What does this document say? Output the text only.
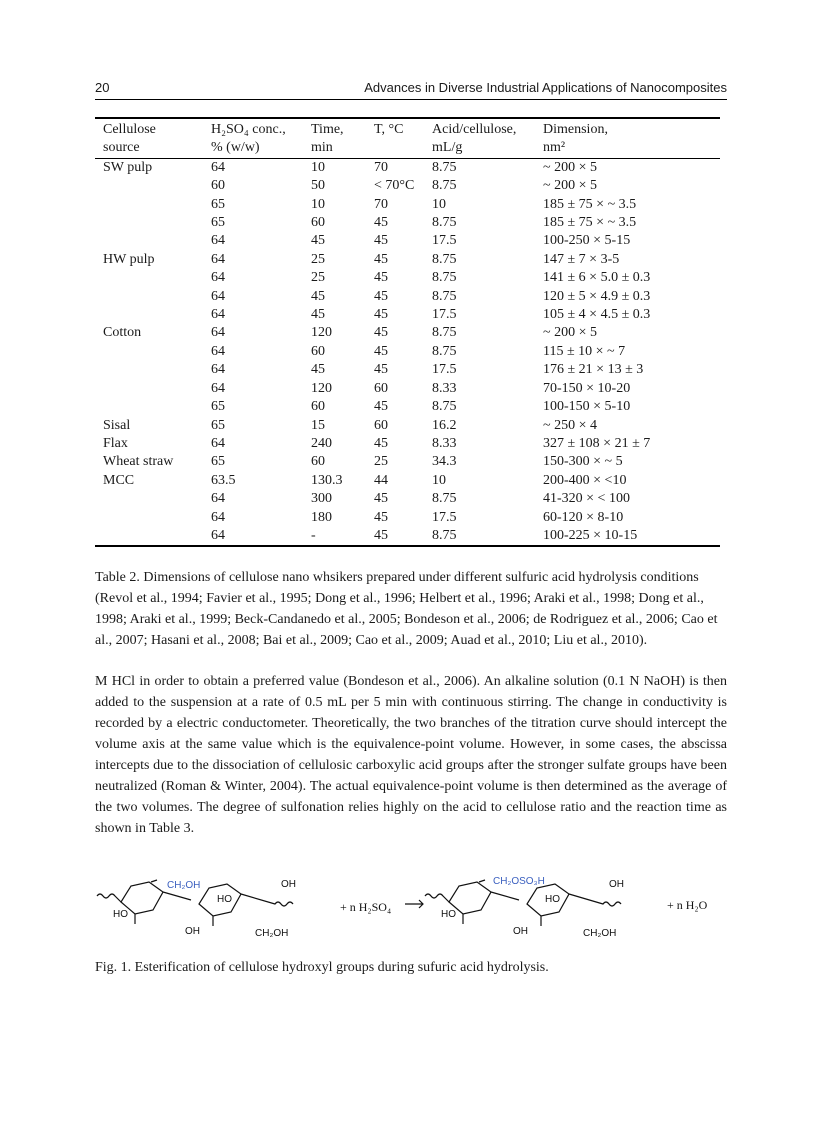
20	Advances in Diverse Industrial Applications of Nanocomposites
Cellulose	H₂SO₄ conc.,	Time,	T, °C	Acid/cellulose,	Dimension,
source	% (w/w)	min		mL/g	nm²
SW pulp	64	10	70	8.75	~ 200 × 5
	60	50	< 70°C	8.75	~ 200 × 5
	65	10	70	10	185 ± 75 × ~ 3.5
	65	60	45	8.75	185 ± 75 × ~ 3.5
	64	45	45	17.5	100-250 × 5-15
HW pulp	64	25	45	8.75	147 ± 7 × 3-5
	64	25	45	8.75	141 ± 6 × 5.0 ± 0.3
	64	45	45	8.75	120 ± 5 × 4.9 ± 0.3
	64	45	45	17.5	105 ± 4 × 4.5 ± 0.3
Cotton	64	120	45	8.75	~ 200 × 5
	64	60	45	8.75	115 ± 10 × ~ 7
	64	45	45	17.5	176 ± 21 × 13 ± 3
	64	120	60	8.33	70-150 × 10-20
	65	60	45	8.75	100-150 × 5-10
Sisal	65	15	60	16.2	~ 250 × 4
Flax	64	240	45	8.33	327 ± 108 × 21 ± 7
Wheat straw	65	60	25	34.3	150-300 × ~ 5
MCC	63.5	130.3	44	10	200-400 × <10
	64	300	45	8.75	41-320 × < 100
	64	180	45	17.5	60-120 × 8-10
	64	-	45	8.75	100-225 × 10-15
Table 2. Dimensions of cellulose nano whsikers prepared under different sulfuric acid hydrolysis conditions (Revol et al., 1994; Favier et al., 1995; Dong et al., 1996; Helbert et al., 1996; Araki et al., 1998; Dong et al., 1998; Araki et al., 1999; Beck-Candanedo et al., 2005; Bondeson et al., 2006; de Rodriguez et al., 2006; Cao et al., 2007; Hasani et al., 2008; Bai et al., 2009; Cao et al., 2009; Auad et al., 2010; Liu et al., 2010).
M HCl in order to obtain a preferred value (Bondeson et al., 2006). An alkaline solution (0.1 N NaOH) is then added to the suspension at a rate of 0.5 mL per 5 min with continuous stirring. The change in conductivity is recorded by a electric conductometer. Theoretically, the two branches of the titration curve should intercept the volume axis at the same value which is the equivalence-point volume. However, in some cases, the abscissa intercepts due to the dissociation of cellulosic carboxylic acid groups after the stronger sulfate groups have been neutralized (Roman & Winter, 2004). The actual equivalence-point volume is then determined as the average of the two volumes. The degree of sulfonation relies highly on the acid to cellulose ratio and the reaction time as shown in Table 3.
CH₂OH
HO
OH
HO
OH
CH₂OH
+ n H₂SO₄
CH₂OSO₃H
HO
OH
HO
OH
CH₂OH
+ n H₂O
Fig. 1. Esterification of cellulose hydroxyl groups during sufuric acid hydrolysis.
